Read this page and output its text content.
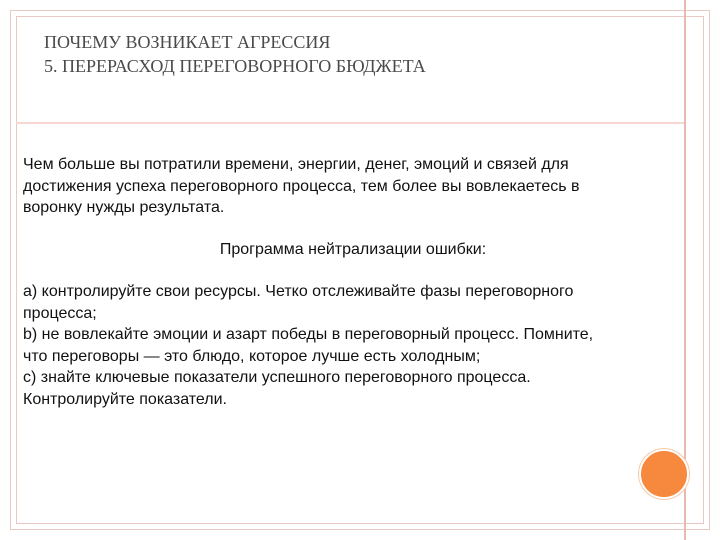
ПОЧЕМУ ВОЗНИКАЕТ АГРЕССИЯ
5. ПЕРЕРАСХОД ПЕРЕГОВОРНОГО БЮДЖЕТА

Чем больше вы потратили времени, энергии, денег, эмоций и связей для

достижения успеха переговорного процесса, тем более вы вовлекаетесь в

воронку нужды результата.

Программа нейтрализации ошибки:

а) контролируйте свои ресурсы. Четко отслеживайте фазы переговорного

процесса;

b) не вовлекайте эмоции и азарт победы в переговорный процесс. Помните,

что переговоры — это блюдо, которое лучше есть холодным;

c) знайте ключевые показатели успешного переговорного процесса.

Контролируйте показатели.
